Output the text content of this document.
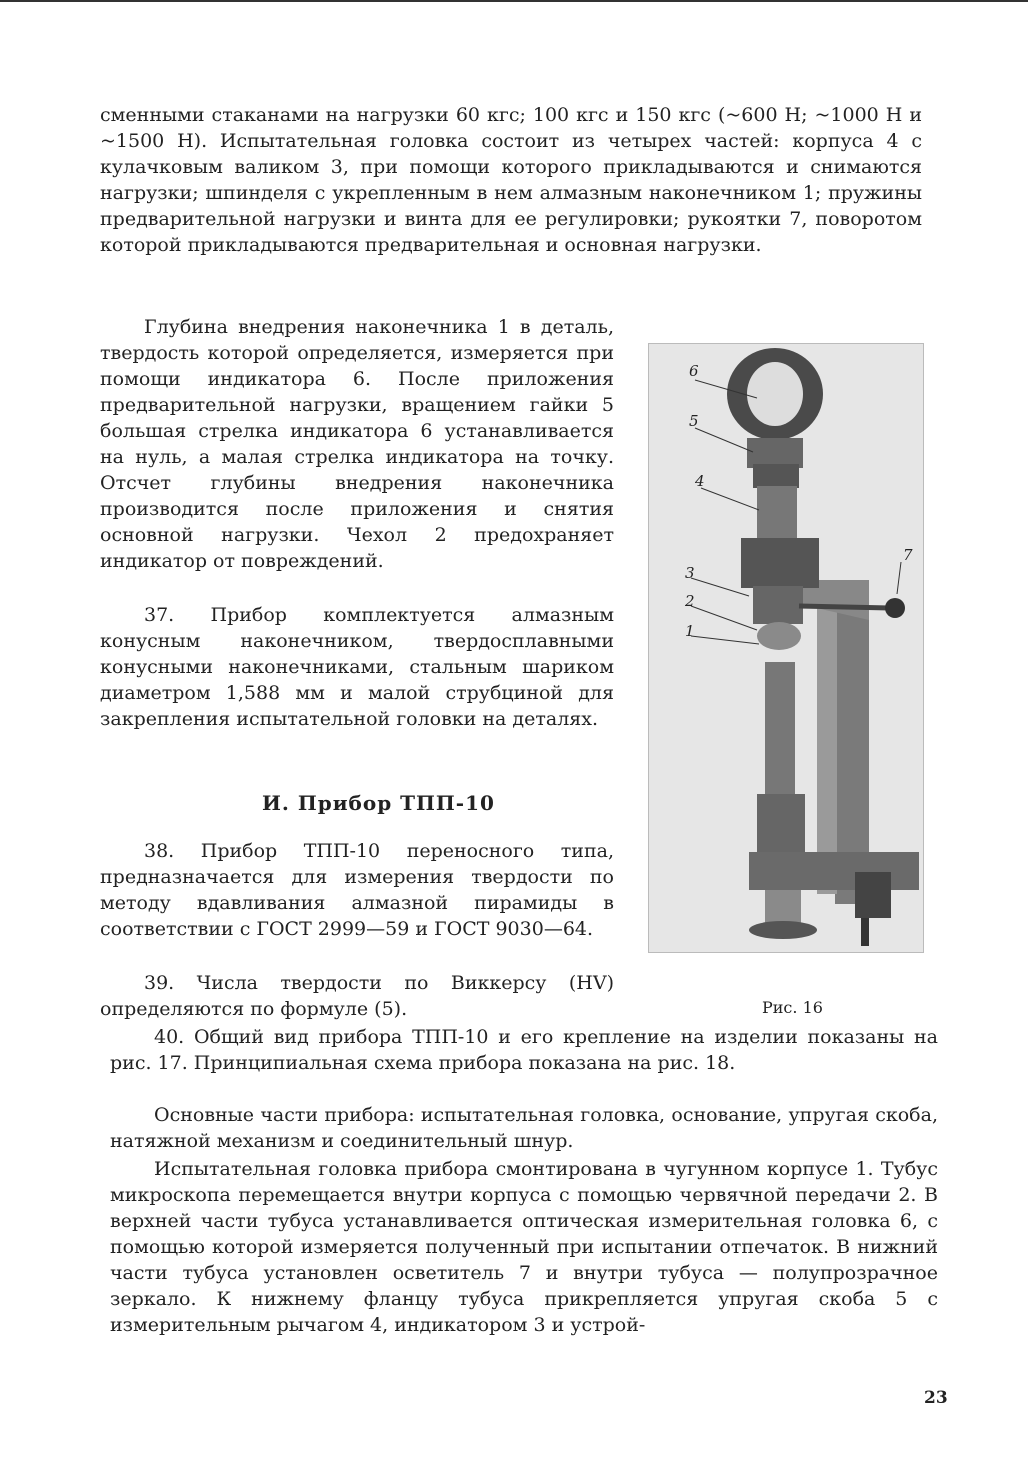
сменными стаканами на нагрузки 60 кгс; 100 кгс и 150 кгс (~600 Н; ~1000 Н и ~1500 Н). Испытательная головка состоит из четырех частей: корпуса 4 с кулачковым валиком 3, при помощи которого прикладываются и снимаются нагрузки; шпинделя с укрепленным в нем алмазным наконечником 1; пружины предварительной нагрузки и винта для ее регулировки; рукоятки 7, поворотом которой прикладываются предварительная и основная нагрузки.

Глубина внедрения наконечника 1 в деталь, твердость которой определяется, измеряется при помощи индикатора 6. После приложения предварительной нагрузки, вращением гайки 5 большая стрелка индикатора 6 устанавливается на нуль, а малая стрелка индикатора на точку. Отсчет глубины внедрения наконечника производится после приложения и снятия основной нагрузки. Чехол 2 предохраняет индикатор от повреждений.

37. Прибор комплектуется алмазным конусным наконечником, твердосплавными конусными наконечниками, стальным шариком диаметром 1,588 мм и малой струбциной для закрепления испытательной головки на деталях.

И. Прибор ТПП-10

38. Прибор ТПП-10 переносного типа, предназначается для измерения твердости по методу вдавливания алмазной пирамиды в соответствии с ГОСТ 2999—59 и ГОСТ 9030—64.

39. Числа твердости по Виккерсу (HV) определяются по формуле (5).

40. Общий вид прибора ТПП-10 и его крепление на изделии показаны на рис. 17. Принципиальная схема прибора показана на рис. 18.

Основные части прибора: испытательная головка, основание, упругая скоба, натяжной механизм и соединительный шнур.

Испытательная головка прибора смонтирована в чугунном корпусе 1. Тубус микроскопа перемещается внутри корпуса с помощью червячной передачи 2. В верхней части тубуса устанавливается оптическая измерительная головка 6, с помощью которой измеряется полученный при испытании отпечаток. В нижний части тубуса установлен осветитель 7 и внутри тубуса — полупрозрачное зеркало. К нижнему фланцу тубуса прикрепляется упругая скоба 5 с измерительным рычагом 4, индикатором 3 и устрой-

6
5
4
3
2
1
7
Рис. 16
23
